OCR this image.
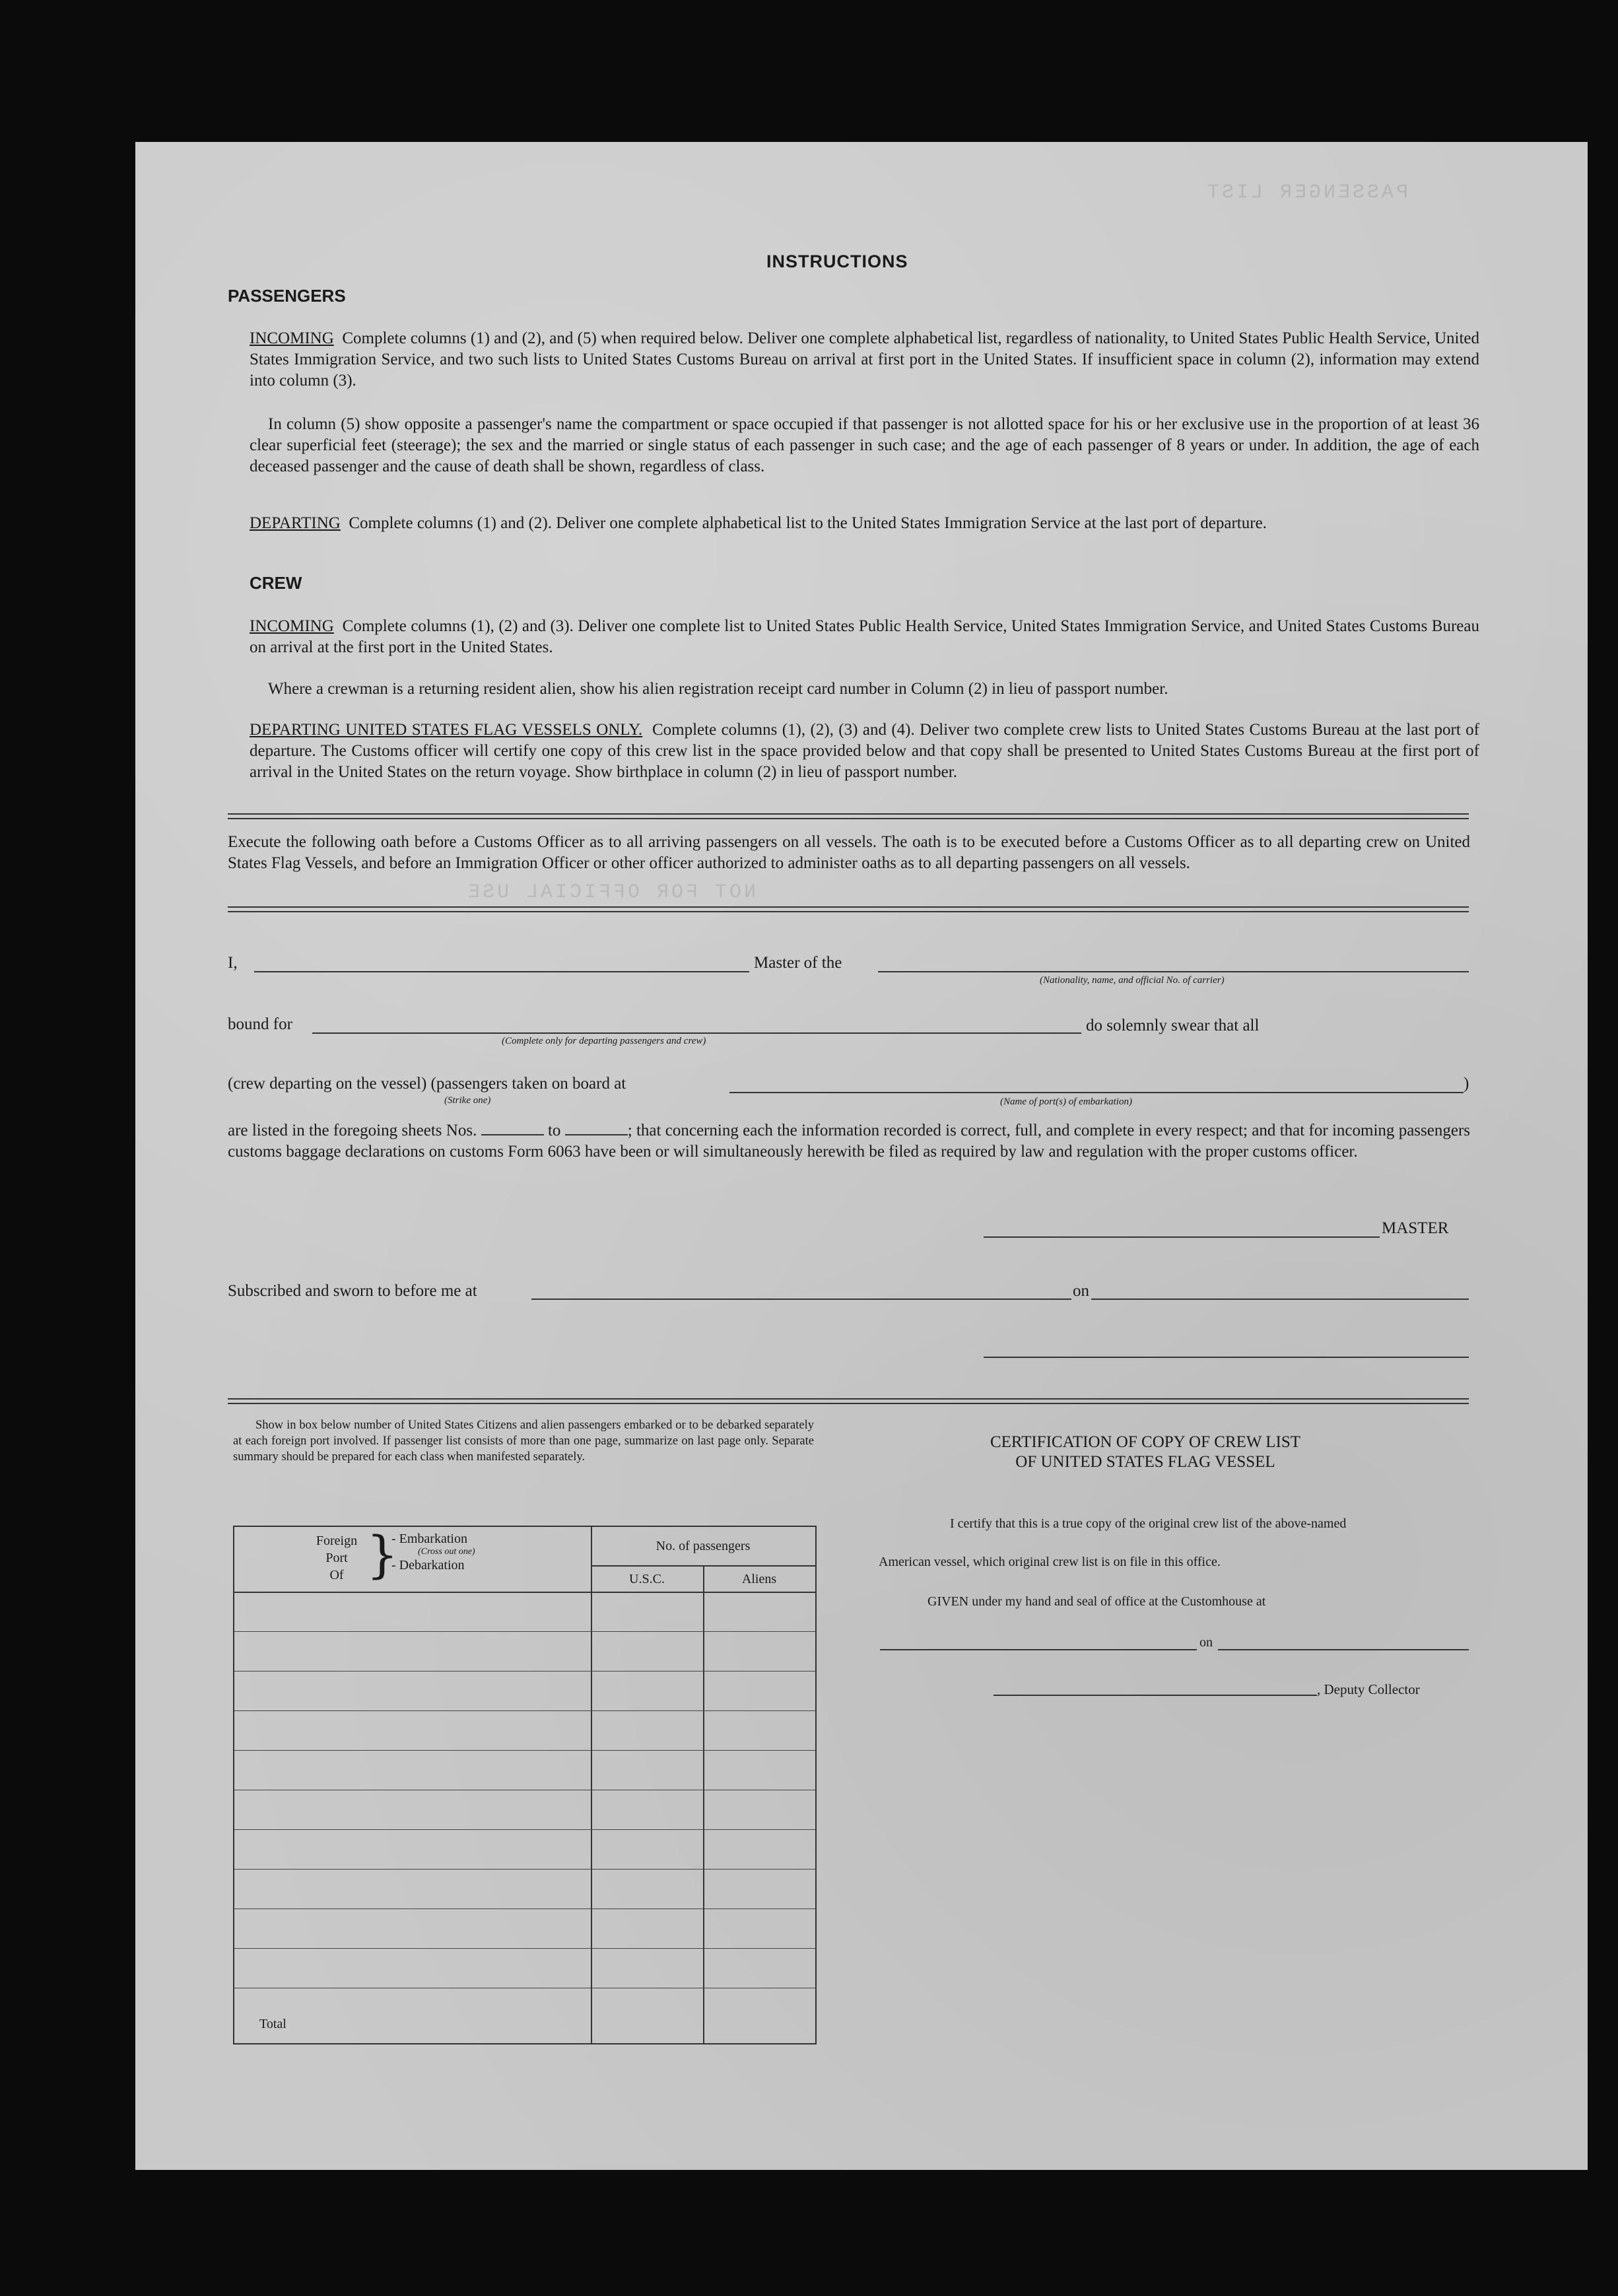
PASSENGER LIST
NOT FOR OFFICIAL USE
INSTRUCTIONS
PASSENGERS
INCOMING Complete columns (1) and (2), and (5) when required below. Deliver one complete alphabetical list, regardless of nationality, to United States Public Health Service, United States Immigration Service, and two such lists to United States Customs Bureau on arrival at first port in the United States. If insufficient space in column (2), information may extend into column (3).
In column (5) show opposite a passenger's name the compartment or space occupied if that passenger is not allotted space for his or her exclusive use in the proportion of at least 36 clear superficial feet (steerage); the sex and the married or single status of each passenger in such case; and the age of each passenger of 8 years or under. In addition, the age of each deceased passenger and the cause of death shall be shown, regardless of class.
DEPARTING Complete columns (1) and (2). Deliver one complete alphabetical list to the United States Immigration Service at the last port of departure.
CREW
INCOMING Complete columns (1), (2) and (3). Deliver one complete list to United States Public Health Service, United States Immigration Service, and United States Customs Bureau on arrival at the first port in the United States.
Where a crewman is a returning resident alien, show his alien registration receipt card number in Column (2) in lieu of passport number.
DEPARTING UNITED STATES FLAG VESSELS ONLY. Complete columns (1), (2), (3) and (4). Deliver two complete crew lists to United States Customs Bureau at the last port of departure. The Customs officer will certify one copy of this crew list in the space provided below and that copy shall be presented to United States Customs Bureau at the first port of arrival in the United States on the return voyage. Show birthplace in column (2) in lieu of passport number.
Execute the following oath before a Customs Officer as to all arriving passengers on all vessels. The oath is to be executed before a Customs Officer as to all departing crew on United States Flag Vessels, and before an Immigration Officer or other officer authorized to administer oaths as to all departing passengers on all vessels.
I,	Master of the
(Nationality, name, and official No. of carrier)
bound for
(Complete only for departing passengers and crew)
do solemnly swear that all
(crew departing on the vessel) (passengers taken on board at	)
(Strike one)	(Name of port(s) of embarkation)
are listed in the foregoing sheets Nos.	to	; that concerning each the information recorded is correct, full, and complete in every respect; and that for incoming passengers customs baggage declarations on customs Form 6063 have been or will simultaneously herewith be filed as required by law and regulation with the proper customs officer.
MASTER
Subscribed and sworn to before me at	on
Show in box below number of United States Citizens and alien passengers embarked or to be debarked separately at each foreign port involved. If passenger list consists of more than one page, summarize on last page only. Separate summary should be prepared for each class when manifested separately.
Foreign
Port
Of }
- Embarkation
(Cross out one)
- Debarkation
No. of passengers
U.S.C.	Aliens
Total
CERTIFICATION OF COPY OF CREW LIST
OF UNITED STATES FLAG VESSEL
I certify that this is a true copy of the original crew list of the above-named
American vessel, which original crew list is on file in this office.
GIVEN under my hand and seal of office at the Customhouse at
on
, Deputy Collector
